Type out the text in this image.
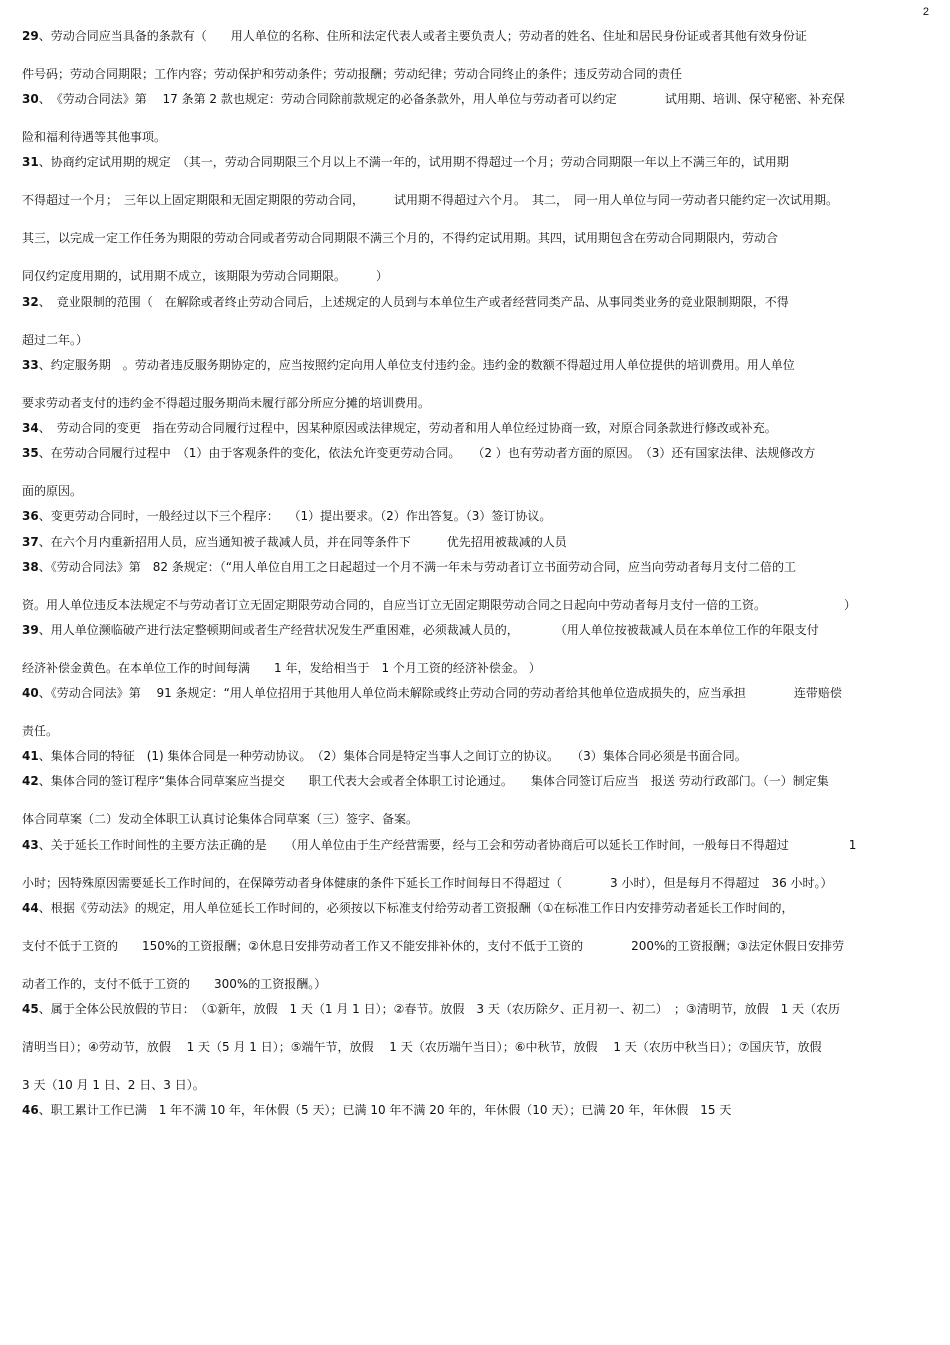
2
29、劳动合同应当具备的条款有（　　用人单位的名称、住所和法定代表人或者主要负责人；劳动者的姓名、住址和居民身份证或者其他有效身份证
件号码；劳动合同期限；工作内容；劳动保护和劳动条件；劳动报酬；劳动纪律；劳动合同终止的条件；违反劳动合同的责任
30、　《劳动合同法》第　 17 条第 2 款也规定：劳动合同除前款规定的必备条款外，用人单位与劳动者可以约定　　　　试用期、培训、保守秘密、补充保
险和福利待遇等其他事项。
31、协商约定试用期的规定　（其一，劳动合同期限三个月以上不满一年的，试用期不得超过一个月；劳动合同期限一年以上不满三年的，试用期
不得超过一个月；　三年以上固定期限和无固定期限的劳动合同，　　　试用期不得超过六个月。　其二，　同一用人单位与同一劳动者只能约定一次试用期。
其三，以完成一定工作任务为期限的劳动合同或者劳动合同期限不满三个月的，不得约定试用期。其四，试用期包含在劳动合同期限内，劳动合
同仅约定度用期的，试用期不成立，该期限为劳动合同期限。　　　）
32、　竞业限制的范围（　在解除或者终止劳动合同后，上述规定的人员到与本单位生产或者经营同类产品、从事同类业务的竞业限制期限，不得
超过二年。）
33、约定服务期　。劳动者违反服务期协定的，应当按照约定向用人单位支付违约金。违约金的数额不得超过用人单位提供的培训费用。用人单位
要求劳动者支付的违约金不得超过服务期尚未履行部分所应分摊的培训费用。
34、　劳动合同的变更　指在劳动合同履行过程中，因某种原因或法律规定，劳动者和用人单位经过协商一致，对原合同条款进行修改或补充。
35、在劳动合同履行过程中　（1）由于客观条件的变化，依法允许变更劳动合同。　　（2 ）也有劳动者方面的原因。　（3）还有国家法律、法规修改方
面的原因。
36、变更劳动合同时，一般经过以下三个程序：　 （1）提出要求。（2）作出答复。（3）签订协议。
37、在六个月内重新招用人员，应当通知被子裁减人员，并在同等条件下　　　优先招用被裁减的人员
38、《劳动合同法》第　82 条规定：（“用人单位自用工之日起超过一个月不满一年未与劳动者订立书面劳动合同，应当向劳动者每月支付二倍的工
资。用人单位违反本法规定不与劳动者订立无固定期限劳动合同的，自应当订立无固定期限劳动合同之日起向中劳动者每月支付一倍的工资。　　　　　　　）
39、用人单位濒临破产进行法定整顿期间或者生产经营状况发生严重困难，必须裁减人员的，　　　　（用人单位按被裁减人员在本单位工作的年限支付
经济补偿金黄色。在本单位工作的时间每满　　1 年，发给相当于　1 个月工资的经济补偿金。 ）
40、《劳动合同法》第　 91 条规定：“用人单位招用于其他用人单位尚未解除或终止劳动合同的劳动者给其他单位造成损失的，应当承担　　　　连带赔偿
责任。
41、集体合同的特征　(1) 集体合同是一种劳动协议。　（2）集体合同是特定当事人之间订立的协议。　　（3）集体合同必须是书面合同。
42、集体合同的签订程序“集体合同草案应当提交　　职工代表大会或者全体职工讨论通过。　　集体合同签订后应当　报送 劳动行政部门。（一）制定集
体合同草案（二）发动全体职工认真讨论集体合同草案（三）签字、备案。
43、关于延长工作时间性的主要方法正确的是　　（用人单位由于生产经营需要，经与工会和劳动者协商后可以延长工作时间，一般每日不得超过　　　　　1
小时；因特殊原因需要延长工作时间的，在保障劳动者身体健康的条件下延长工作时间每日不得超过（　　　　3 小时），但是每月不得超过　36 小时。）
44、根据《劳动法》的规定，用人单位延长工作时间的，必须按以下标准支付给劳动者工资报酬（①在标准工作日内安排劳动者延长工作时间的，
支付不低于工资的　　150%的工资报酬；②休息日安排劳动者工作又不能安排补休的，支付不低于工资的　　　　200%的工资报酬；③法定休假日安排劳
动者工作的，支付不低于工资的　　300%的工资报酬。）
45、属于全体公民放假的节日：　（①新年，放假　1 天（1 月 1 日）；②春节。放假　3 天（农历除夕、正月初一、初二）　；③清明节，放假　1 天（农历
清明当日）；④劳动节，放假　 1 天（5 月 1 日）；⑤端午节，放假　 1 天（农历端午当日）；⑥中秋节，放假　 1 天（农历中秋当日）；⑦国庆节，放假
3 天（10 月 1 日、2 日、3 日）。
46、职工累计工作已满　1 年不满 10 年，年休假（5 天）；已满 10 年不满 20 年的，年休假（10 天）；已满 20 年，年休假　15 天
